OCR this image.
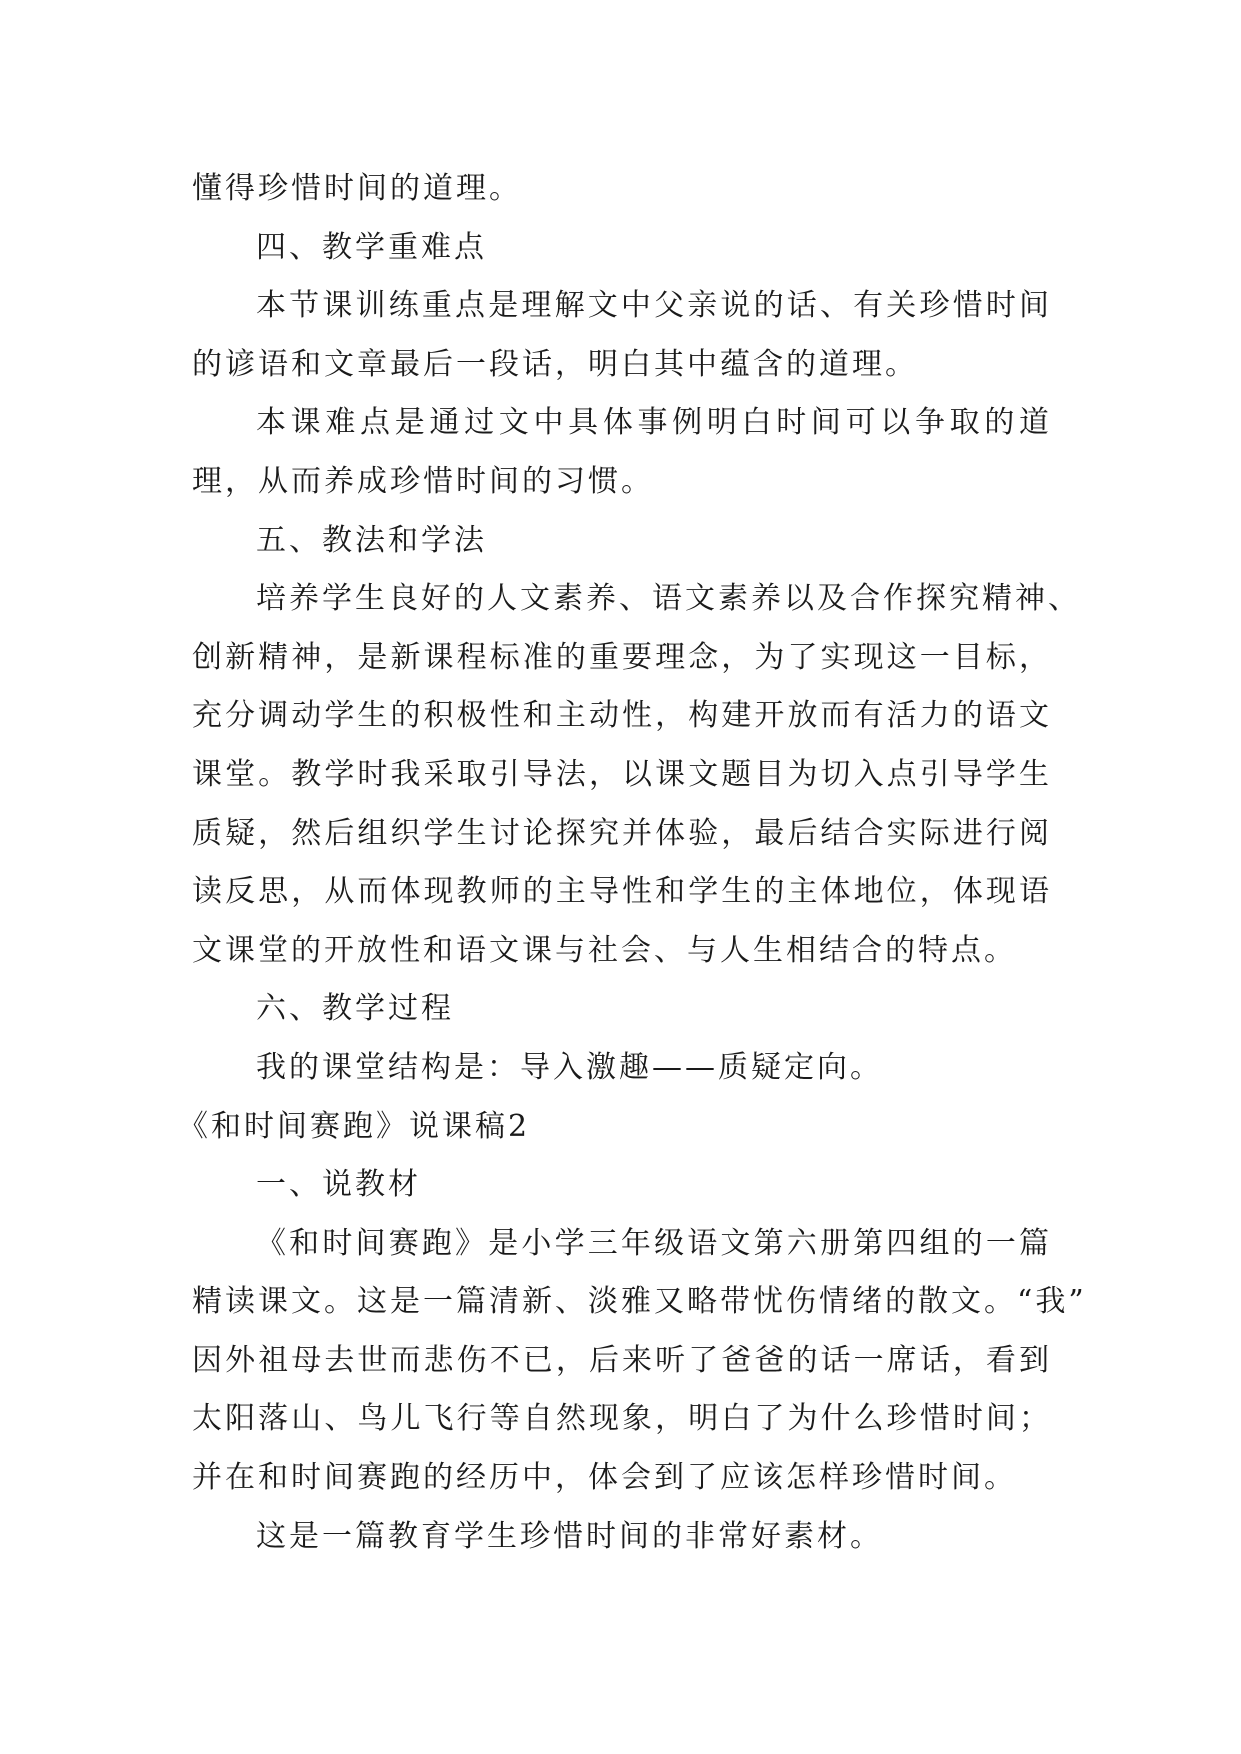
懂得珍惜时间的道理。
四、教学重难点
本节课训练重点是理解文中父亲说的话、有关珍惜时间
的谚语和文章最后一段话，明白其中蕴含的道理。
本课难点是通过文中具体事例明白时间可以争取的道
理，从而养成珍惜时间的习惯。
五、教法和学法
培养学生良好的人文素养、语文素养以及合作探究精神、
创新精神，是新课程标准的重要理念，为了实现这一目标，
充分调动学生的积极性和主动性，构建开放而有活力的语文
课堂。教学时我采取引导法，以课文题目为切入点引导学生
质疑，然后组织学生讨论探究并体验，最后结合实际进行阅
读反思，从而体现教师的主导性和学生的主体地位，体现语
文课堂的开放性和语文课与社会、与人生相结合的特点。
六、教学过程
我的课堂结构是：导入激趣——质疑定向。
《和时间赛跑》说课稿2
一、说教材
《和时间赛跑》是小学三年级语文第六册第四组的一篇
精读课文。这是一篇清新、淡雅又略带忧伤情绪的散文。“我”
因外祖母去世而悲伤不已，后来听了爸爸的话一席话，看到
太阳落山、鸟儿飞行等自然现象，明白了为什么珍惜时间；
并在和时间赛跑的经历中，体会到了应该怎样珍惜时间。
这是一篇教育学生珍惜时间的非常好素材。
